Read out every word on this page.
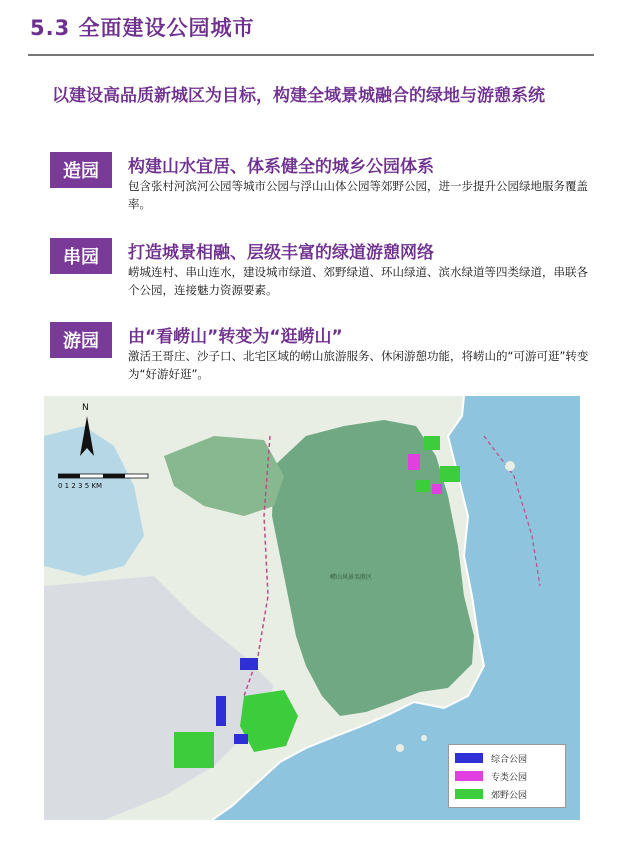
5.3 全面建设公园城市
以建设高品质新城区为目标，构建全域景城融合的绿地与游憩系统
造园	构建山水宜居、体系健全的城乡公园体系
包含张村河滨河公园等城市公园与浮山山体公园等郊野公园，进一步提升公园绿地服务覆盖率。
串园	打造城景相融、层级丰富的绿道游憩网络
崂城连村、串山连水，建设城市绿道、郊野绿道、环山绿道、滨水绿道等四类绿道，串联各个公园，连接魅力资源要素。
游园	由“看崂山”转变为“逛崂山”
激活王哥庄、沙子口、北宅区域的崂山旅游服务、休闲游憩功能，将崂山的“可游可逛”转变为“好游好逛”。
N
0 1 2 3 5 KM
崂山风景名胜区
综合公园
专类公园
郊野公园
